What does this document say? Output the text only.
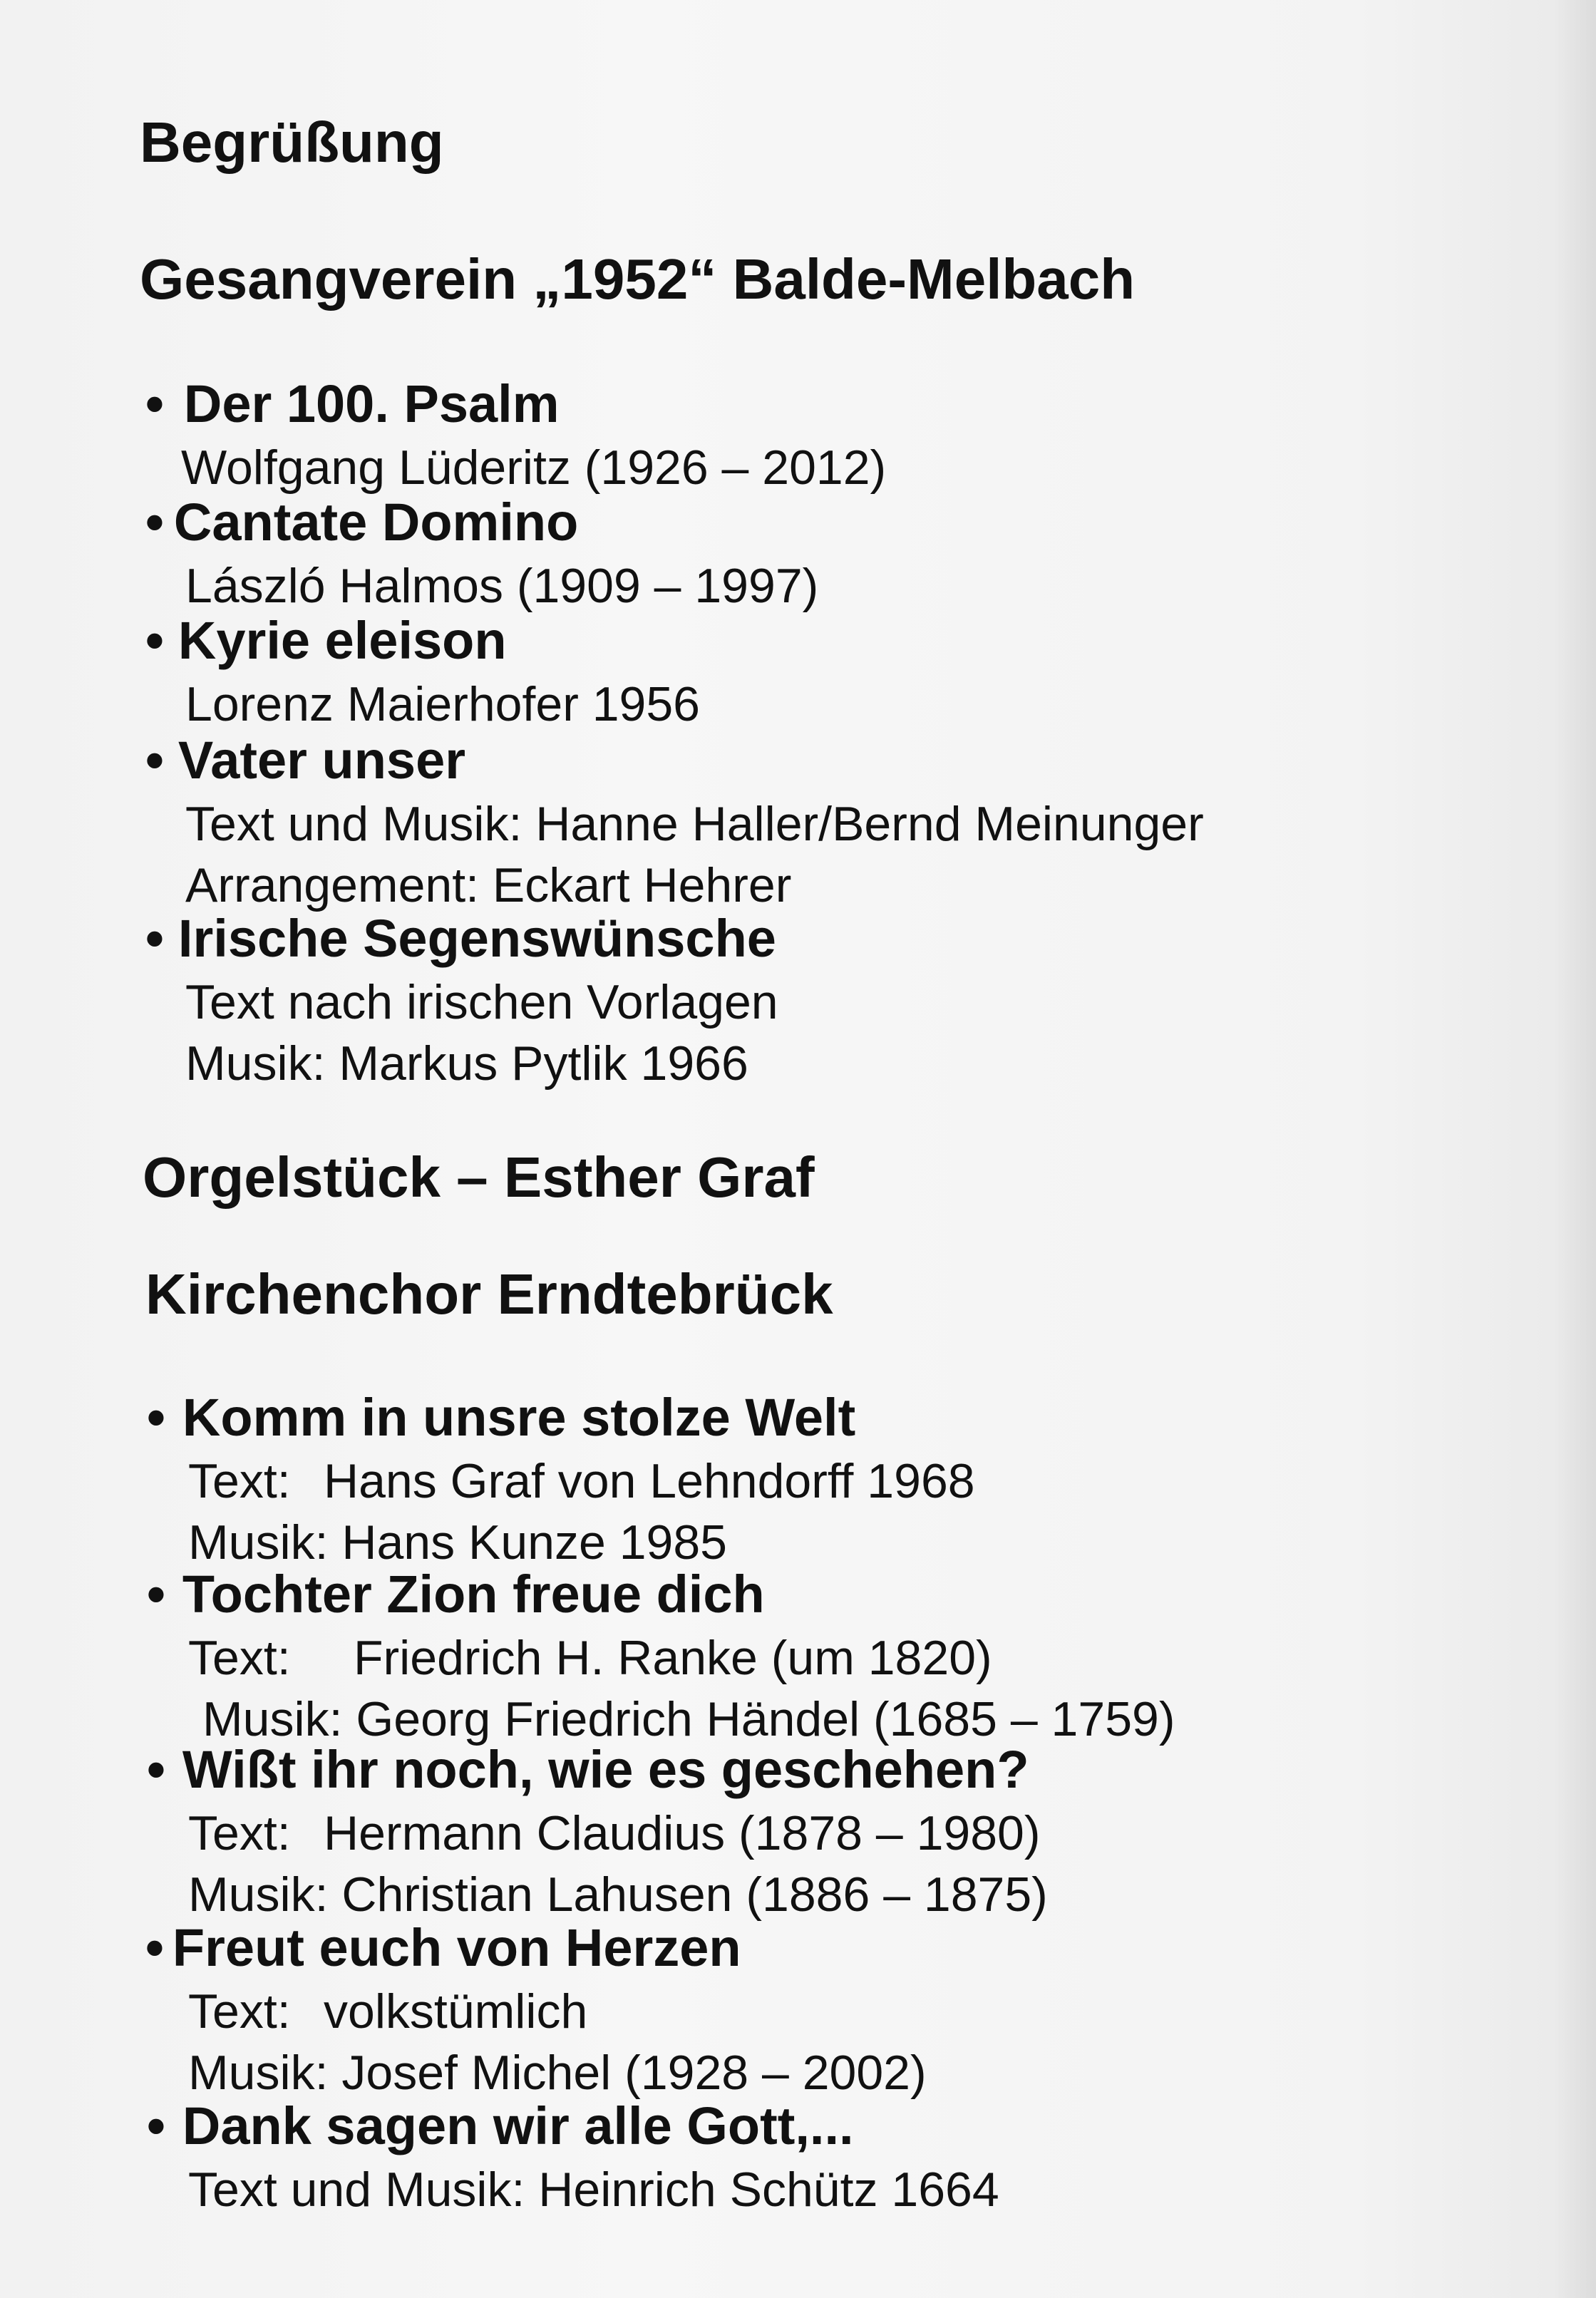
Begrüßung
Gesangverein „1952“ Balde-Melbach
• Der 100. Psalm
Wolfgang Lüderitz (1926 – 2012)
• Cantate Domino
László Halmos (1909 – 1997)
• Kyrie eleison
Lorenz Maierhofer 1956
• Vater unser
Text und Musik: Hanne Haller/Bernd Meinunger
Arrangement: Eckart Hehrer
• Irische Segenswünsche
Text nach irischen Vorlagen
Musik: Markus Pytlik 1966
Orgelstück – Esther Graf
Kirchenchor Erndtebrück
• Komm in unsre stolze Welt
Text: Hans Graf von Lehndorff 1968
Musik: Hans Kunze 1985
• Tochter Zion freue dich
Text: Friedrich H. Ranke (um 1820)
Musik: Georg Friedrich Händel (1685 – 1759)
• Wißt ihr noch, wie es geschehen?
Text: Hermann Claudius (1878 – 1980)
Musik: Christian Lahusen (1886 – 1875)
• Freut euch von Herzen
Text: volkstümlich
Musik: Josef Michel (1928 – 2002)
• Dank sagen wir alle Gott,...
Text und Musik: Heinrich Schütz 1664
